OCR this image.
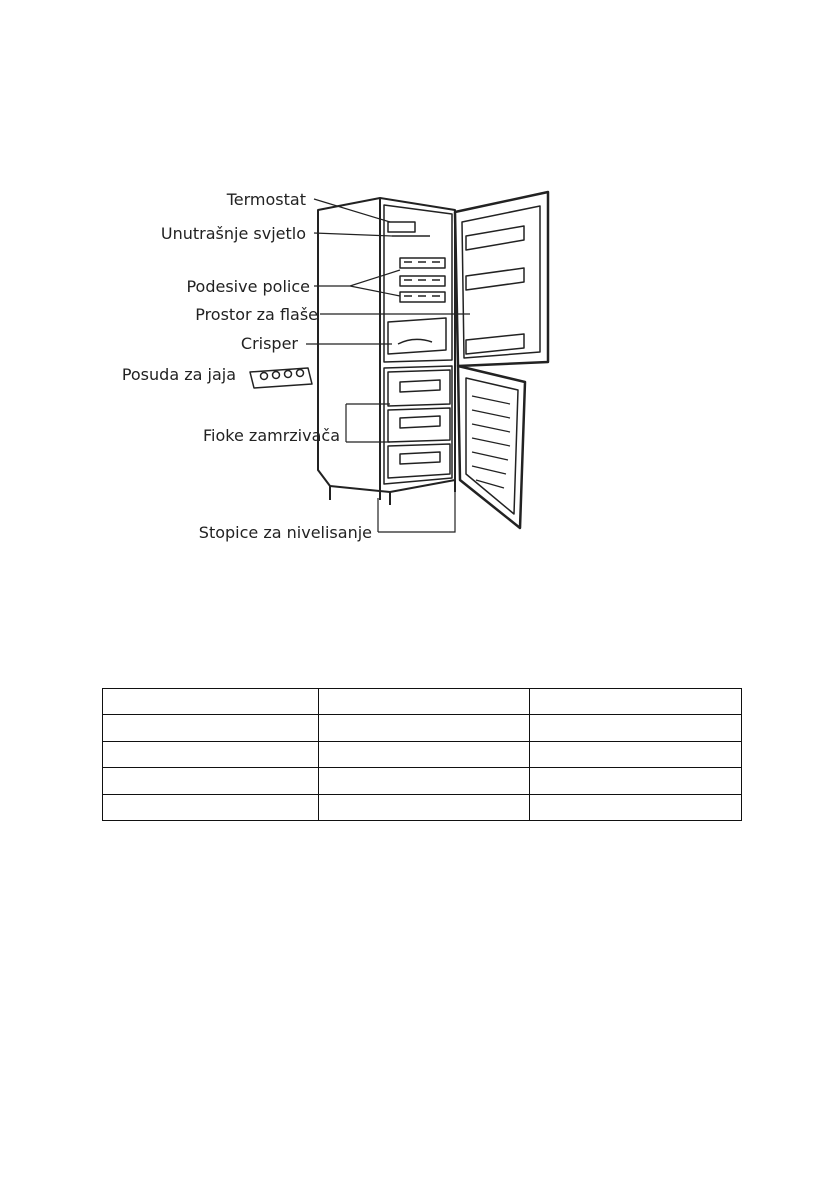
Termostat
Unutrašnje svjetlo
Podesive police
Prostor za flaše
Crisper
Posuda za jaja
Fioke zamrzivača
Stopice za nivelisanje
